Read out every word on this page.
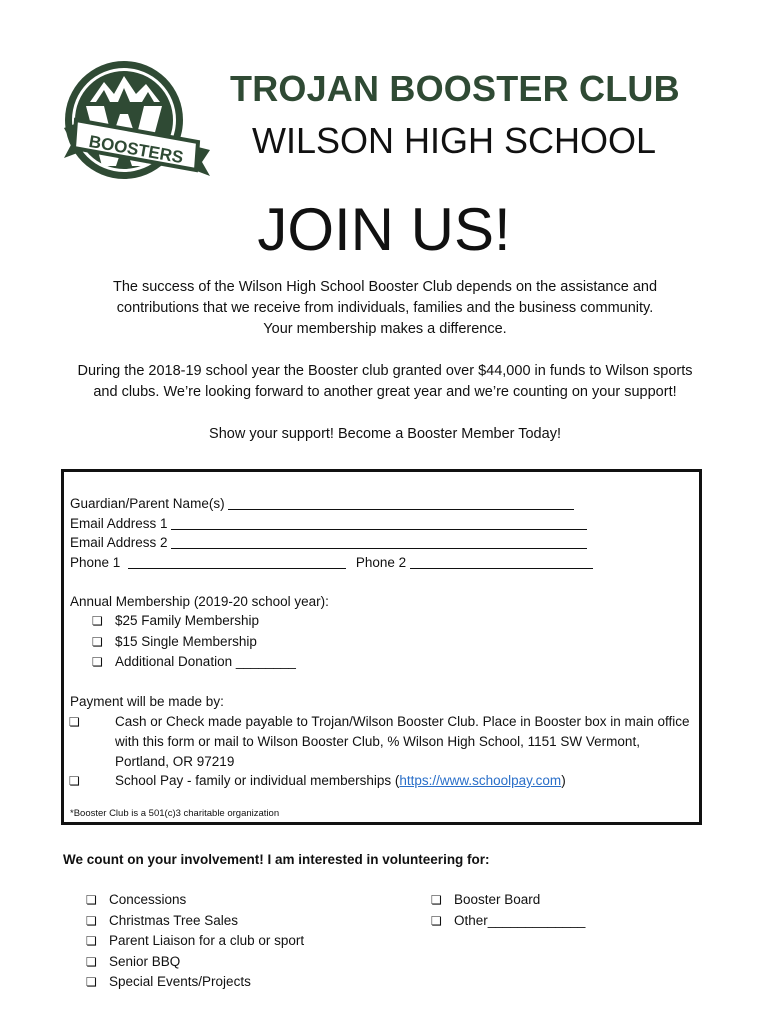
BOOSTERS
TROJAN BOOSTER CLUB
WILSON HIGH SCHOOL
JOIN US!

The success of the Wilson High School Booster Club depends on the assistance and

contributions that we receive from individuals, families and the business community.

Your membership makes a difference.

During the 2018-19 school year the Booster club granted over $44,000 in funds to Wilson sports

and clubs. We’re looking forward to another great year and we’re counting on your support!

Show your support! Become a Booster Member Today!

Guardian/Parent Name(s)
Email Address 1
Email Address 2
Phone 1	Phone 2
Annual Membership (2019-20 school year):
❏ $25 Family Membership
❏ $15 Single Membership
❏ Additional Donation ________
Payment will be made by:
❏	Cash or Check made payable to Trojan/Wilson Booster Club. Place in Booster box in main office with this form or mail to Wilson Booster Club, % Wilson High School, 1151 SW Vermont, Portland, OR 97219
❏	School Pay - family or individual memberships (https://www.schoolpay.com)
*Booster Club is a 501(c)3 charitable organization
We count on your involvement! I am interested in volunteering for:
❏ Concessions
❏ Christmas Tree Sales
❏ Parent Liaison for a club or sport
❏ Senior BBQ
❏ Special Events/Projects
❏ Booster Board
❏ Other_____________
